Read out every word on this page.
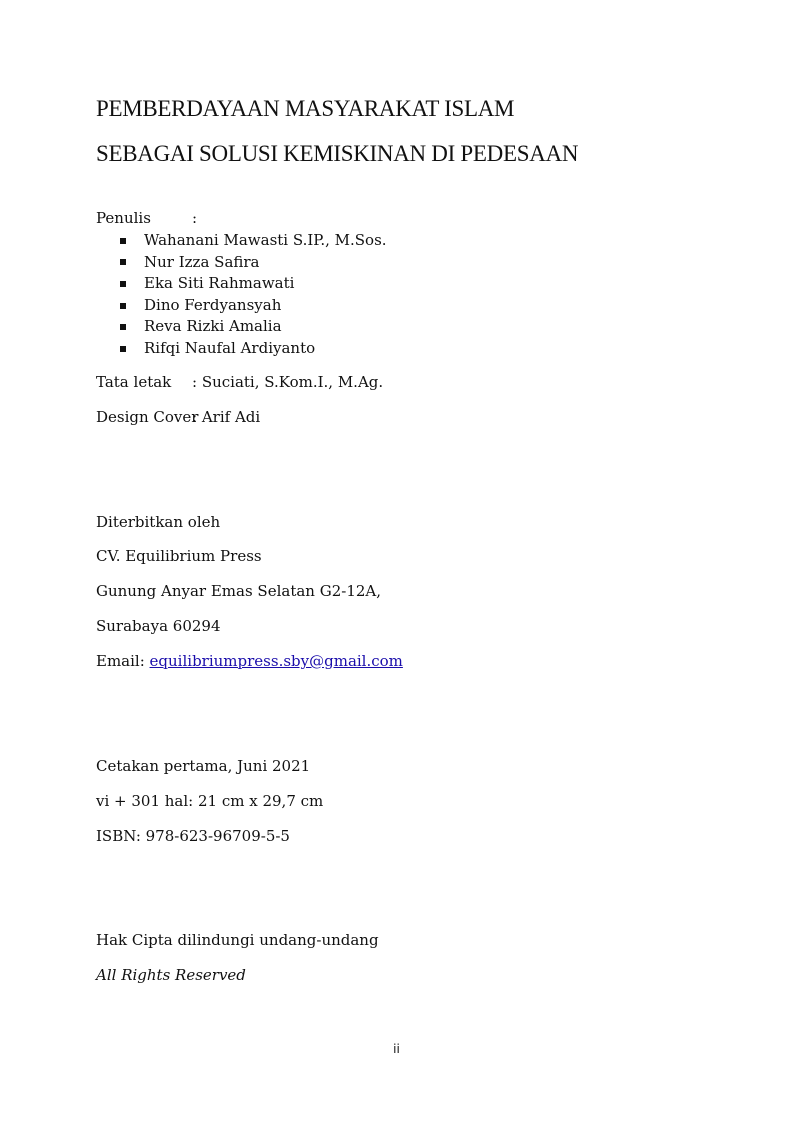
PEMBERDAYAAN MASYARAKAT ISLAM
SEBAGAI SOLUSI KEMISKINAN DI PEDESAAN
Penulis	:
Wahanani Mawasti S.IP., M.Sos.
Nur Izza Safira
Eka Siti Rahmawati
Dino Ferdyansyah
Reva Rizki Amalia
Rifqi Naufal Ardiyanto
Tata letak : Suciati, S.Kom.I., M.Ag.
Design Cover: Arif Adi
Diterbitkan oleh
CV. Equilibrium Press
Gunung Anyar Emas Selatan G2-12A,
Surabaya 60294
Email: equilibriumpress.sby@gmail.com
Cetakan pertama, Juni 2021
vi + 301 hal: 21 cm x 29,7 cm
ISBN: 978-623-96709-5-5
Hak Cipta dilindungi undang-undang
All Rights Reserved
ii
